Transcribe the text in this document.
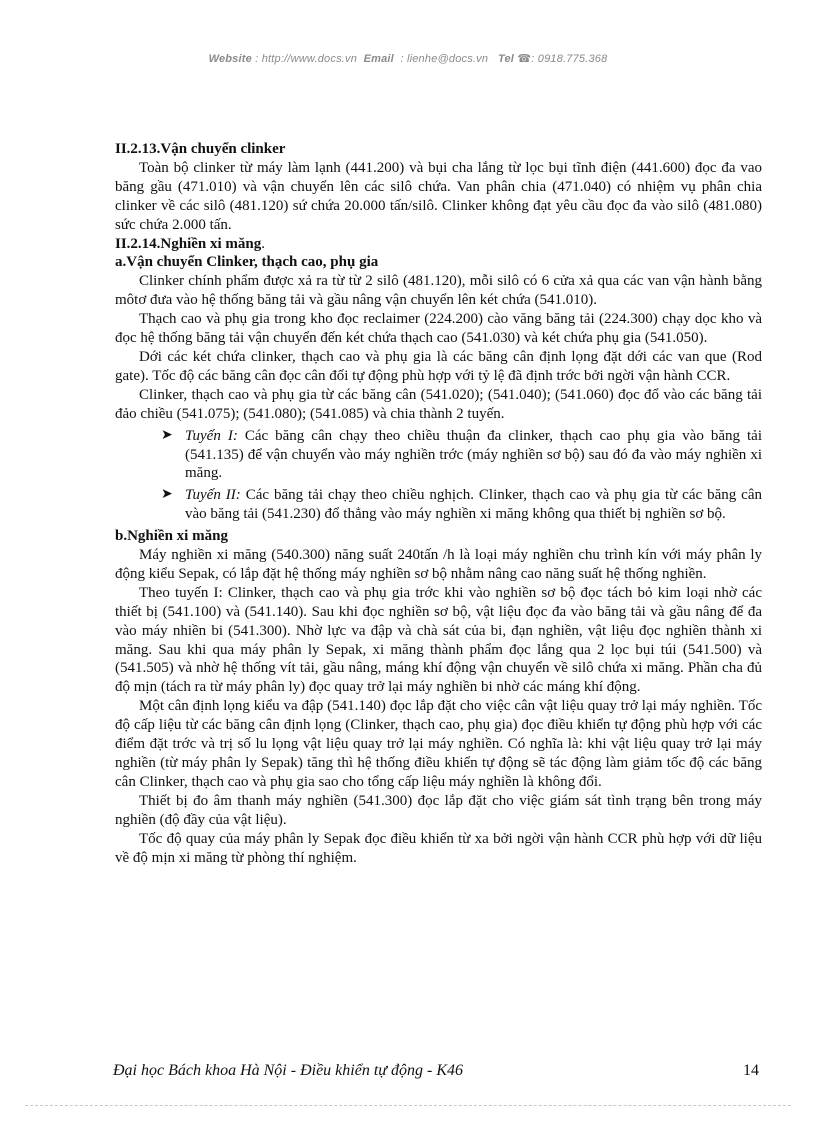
Website : http://www.docs.vn Email : lienhe@docs.vn Tel ☎: 0918.775.368
II.2.13.Vận chuyển clinker

Toàn bộ clinker từ máy làm lạnh (441.200) và bụi cha lắng từ lọc bụi tĩnh điện (441.600) đọc đa vao băng gầu (471.010) và vận chuyển lên các silô chứa. Van phân chia (471.040) có nhiệm vụ phân chia clinker về các silô (481.120) sứ chứa 20.000 tấn/silô. Clinker không đạt yêu cầu đọc đa vào silô (481.080) sức chứa 2.000 tấn.

II.2.14.Nghiền xi măng.
a.Vận chuyển Clinker, thạch cao, phụ gia

Clinker chính phẩm được xả ra từ từ 2 silô (481.120), mỗi silô có 6 cửa xả qua các van vận hành bằng môtơ đưa vào hệ thống băng tải và gầu nâng vận chuyển lên két chứa (541.010).

Thạch cao và phụ gia trong kho đọc reclaimer (224.200) cào văng băng tải (224.300) chạy dọc kho và đọc hệ thống băng tải vận chuyển đến két chứa thạch cao (541.030) và két chứa phụ gia (541.050).

Dới các két chứa clinker, thạch cao và phụ gia là các băng cân định lọng đặt dới các van que (Rod gate). Tốc độ các băng cân đọc cân đối tự động phù hợp với tỷ lệ đã định trớc bởi ngời vận hành CCR.

Clinker, thạch cao và phụ gia từ các băng cân (541.020); (541.040); (541.060) đọc đổ vào các băng tải đảo chiều (541.075); (541.080); (541.085) và chia thành 2 tuyến.

➤ Tuyến I: Các băng cân chạy theo chiều thuận đa clinker, thạch cao phụ gia vào băng tải (541.135) để vận chuyển vào máy nghiền trớc (máy nghiền sơ bộ) sau đó đa vào máy nghiền xi măng.
➤ Tuyến II: Các băng tải chạy theo chiều nghịch. Clinker, thạch cao và phụ gia từ các băng cân vào băng tải (541.230) đổ thẳng vào máy nghiền xi măng không qua thiết bị nghiền sơ bộ.
b.Nghiền xi măng

Máy nghiền xi măng (540.300) năng suất 240tấn /h là loại máy nghiền chu trình kín với máy phân ly động kiểu Sepak, có lắp đặt hệ thống máy nghiền sơ bộ nhằm nâng cao năng suất hệ thống nghiền.

Theo tuyến I: Clinker, thạch cao và phụ gia trớc khi vào nghiền sơ bộ đọc tách bỏ kim loại nhờ các thiết bị (541.100) và (541.140). Sau khi đọc nghiền sơ bộ, vật liệu đọc đa vào băng tải và gầu nâng để đa vào máy nhiền bi (541.300). Nhờ lực va đập và chà sát của bi, đạn nghiền, vật liệu đọc nghiền thành xi măng. Sau khi qua máy phân ly Sepak, xi măng thành phẩm đọc lắng qua 2 lọc bụi túi (541.500) và (541.505) và nhờ hệ thống vít tải, gầu nâng, máng khí động vận chuyển về silô chứa xi măng. Phần cha đủ độ mịn (tách ra từ máy phân ly) đọc quay trở lại máy nghiền bi nhờ các máng khí động.

Một cân định lọng kiểu va đập (541.140) đọc lắp đặt cho việc cân vật liệu quay trở lại máy nghiền. Tốc độ cấp liệu từ các băng cân định lọng (Clinker, thạch cao, phụ gia) đọc điều khiển tự động phù hợp với các điểm đặt trớc và trị số lu lọng vật liệu quay trở lại máy nghiền. Có nghĩa là: khi vật liệu quay trở lại máy nghiền (từ máy phân ly Sepak) tăng thì hệ thống điều khiển tự động sẽ tác động làm giảm tốc độ các băng cân Clinker, thạch cao và phụ gia sao cho tổng cấp liệu máy nghiền là không đổi.

Thiết bị đo âm thanh máy nghiền (541.300) đọc lắp đặt cho việc giám sát tình trạng bên trong máy nghiền (độ đầy của vật liệu).

Tốc độ quay của máy phân ly Sepak đọc điều khiển từ xa bởi ngời vận hành CCR phù hợp với dữ liệu về độ mịn xi măng từ phòng thí nghiệm.

Đại học Bách khoa Hà Nội - Điều khiển tự động - K46	14
